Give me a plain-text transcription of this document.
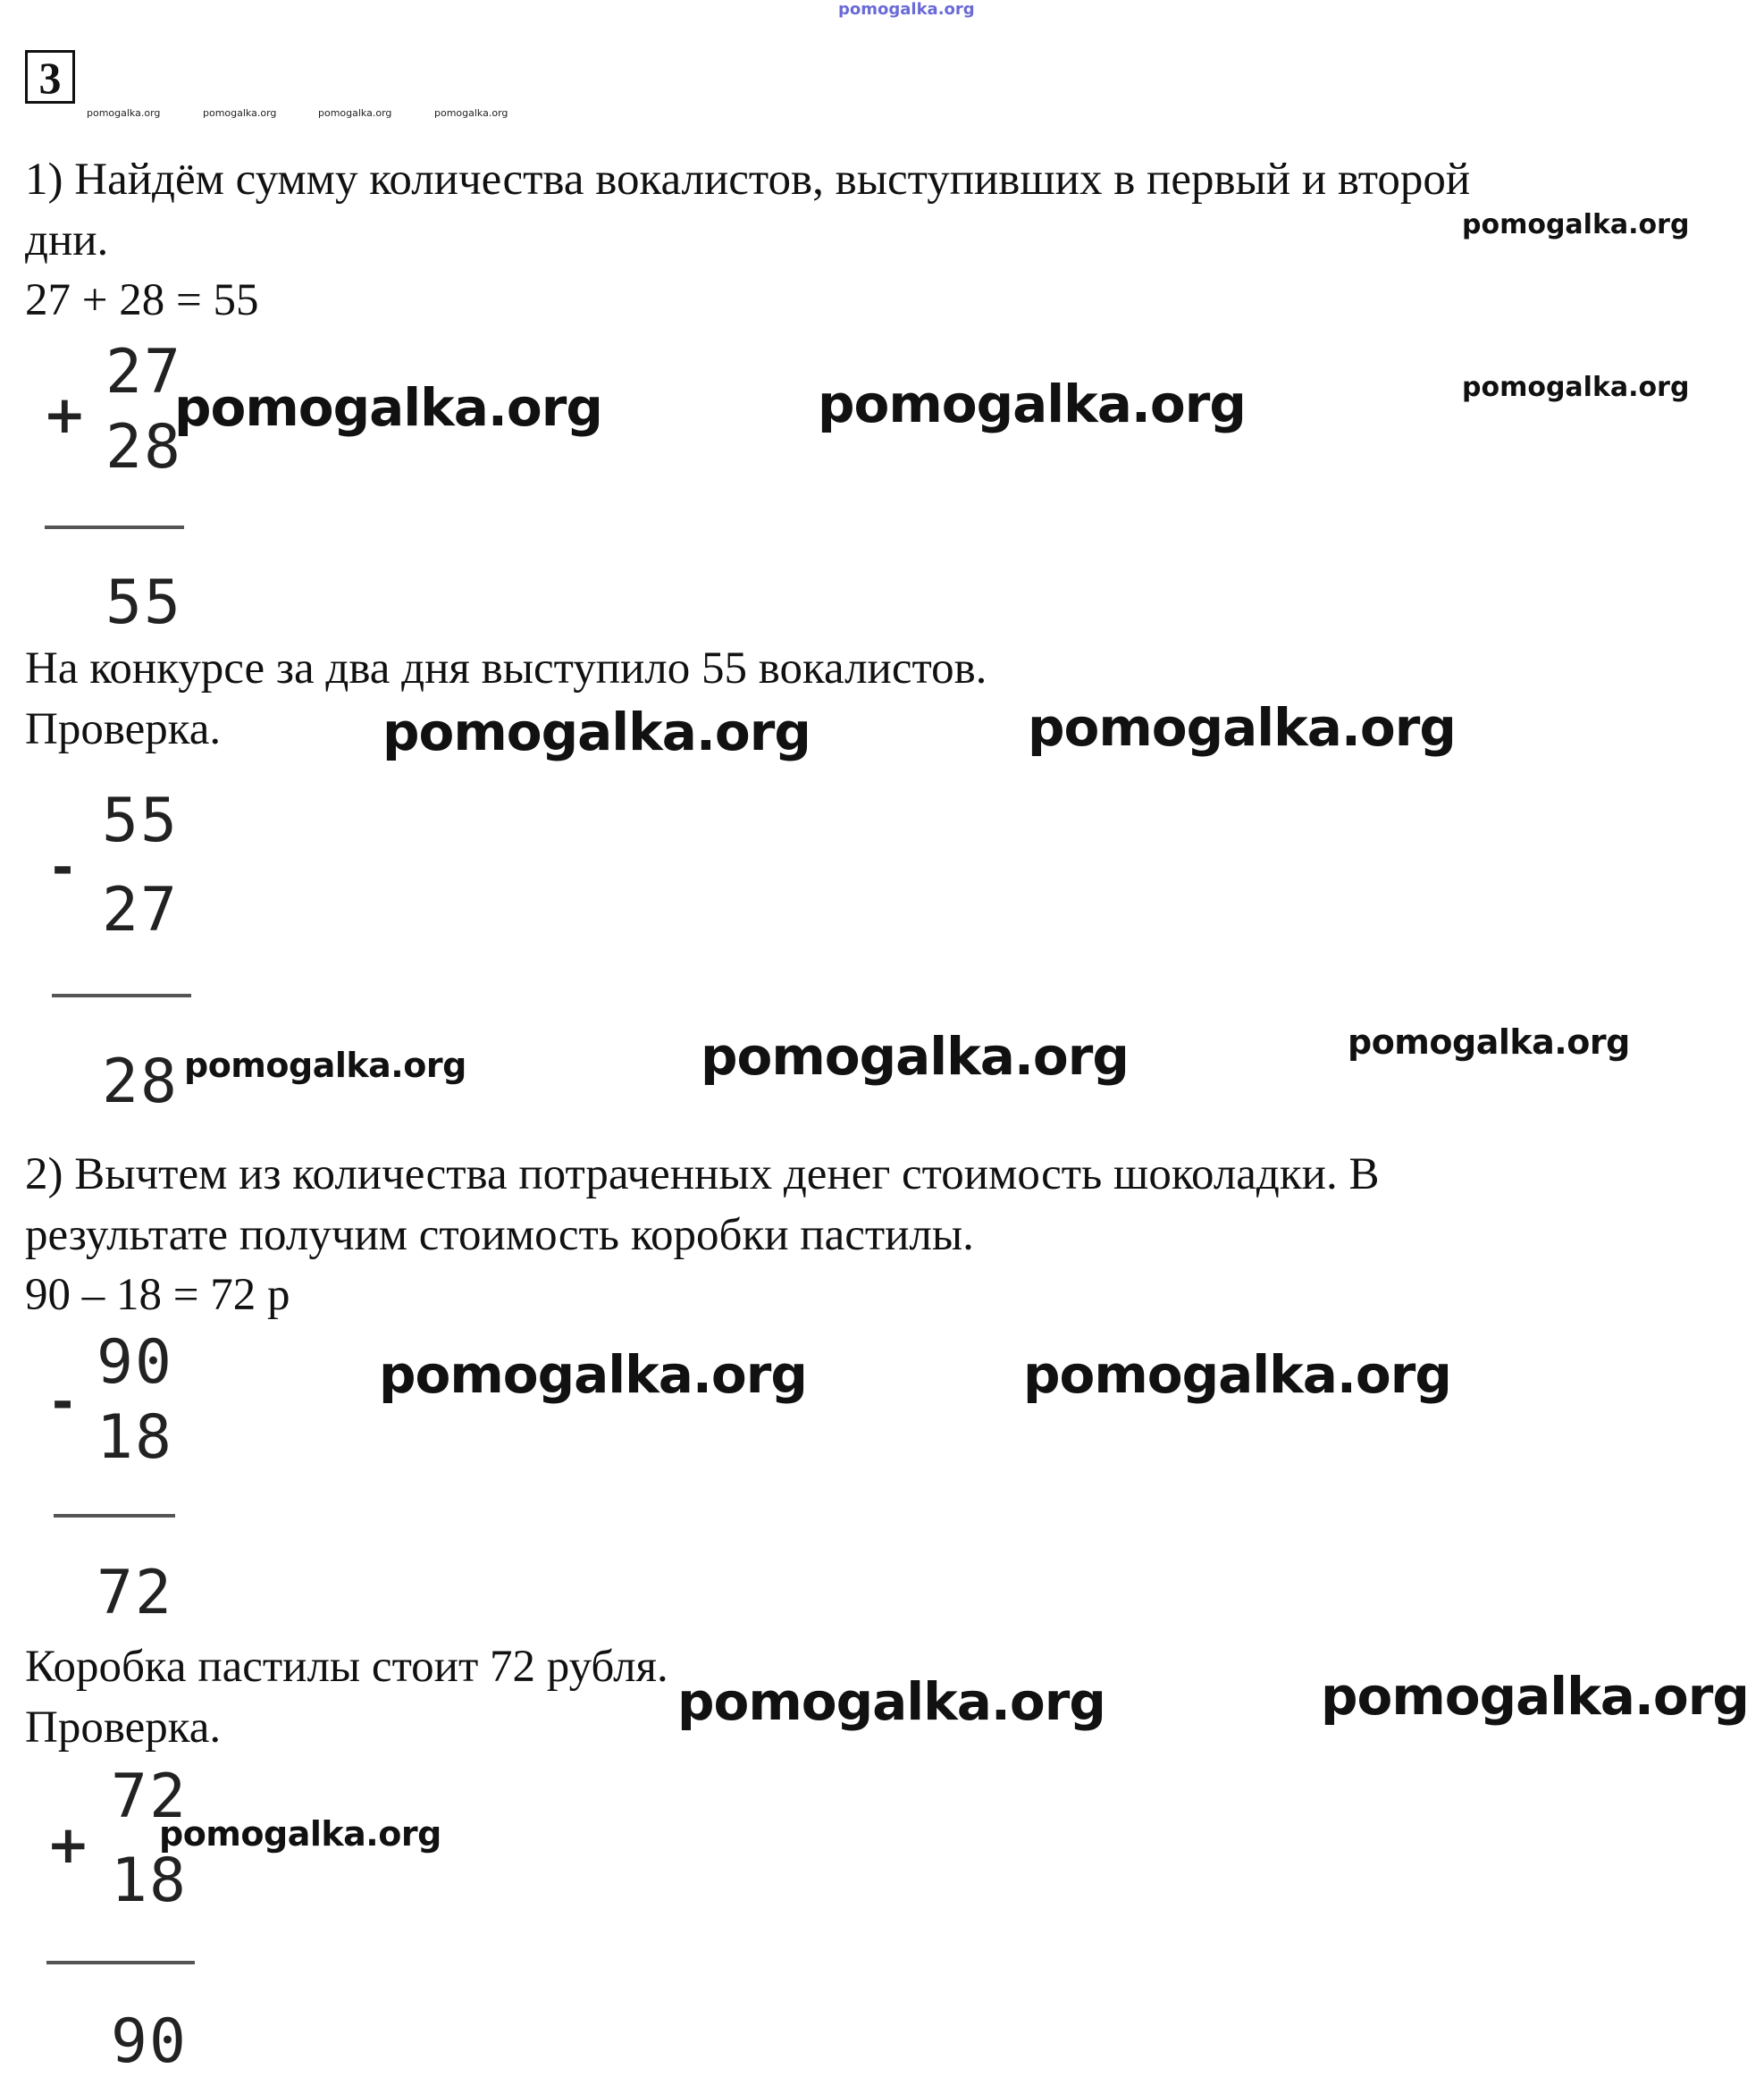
pomogalka.org
3
pomogalka.org	pomogalka.org	pomogalka.org	pomogalka.org
1) Найдём сумму количества вокалистов, выступивших в первый и второй
дни.
27 + 28 = 55
pomogalka.org
+
27
28
55
pomogalka.org	pomogalka.org	pomogalka.org
На конкурсе за два дня выступило 55 вокалистов.
Проверка.	pomogalka.org	pomogalka.org
-
55
27
28 pomogalka.org	pomogalka.org	pomogalka.org
2) Вычтем из количества потраченных денег стоимость шоколадки. В
результате получим стоимость коробки пастилы.
90 – 18 = 72 р
-
90
18
72
pomogalka.org	pomogalka.org
Коробка пастилы стоит 72 рубля.
Проверка.	pomogalka.org	pomogalka.org
+
72
18
90
pomogalka.org
